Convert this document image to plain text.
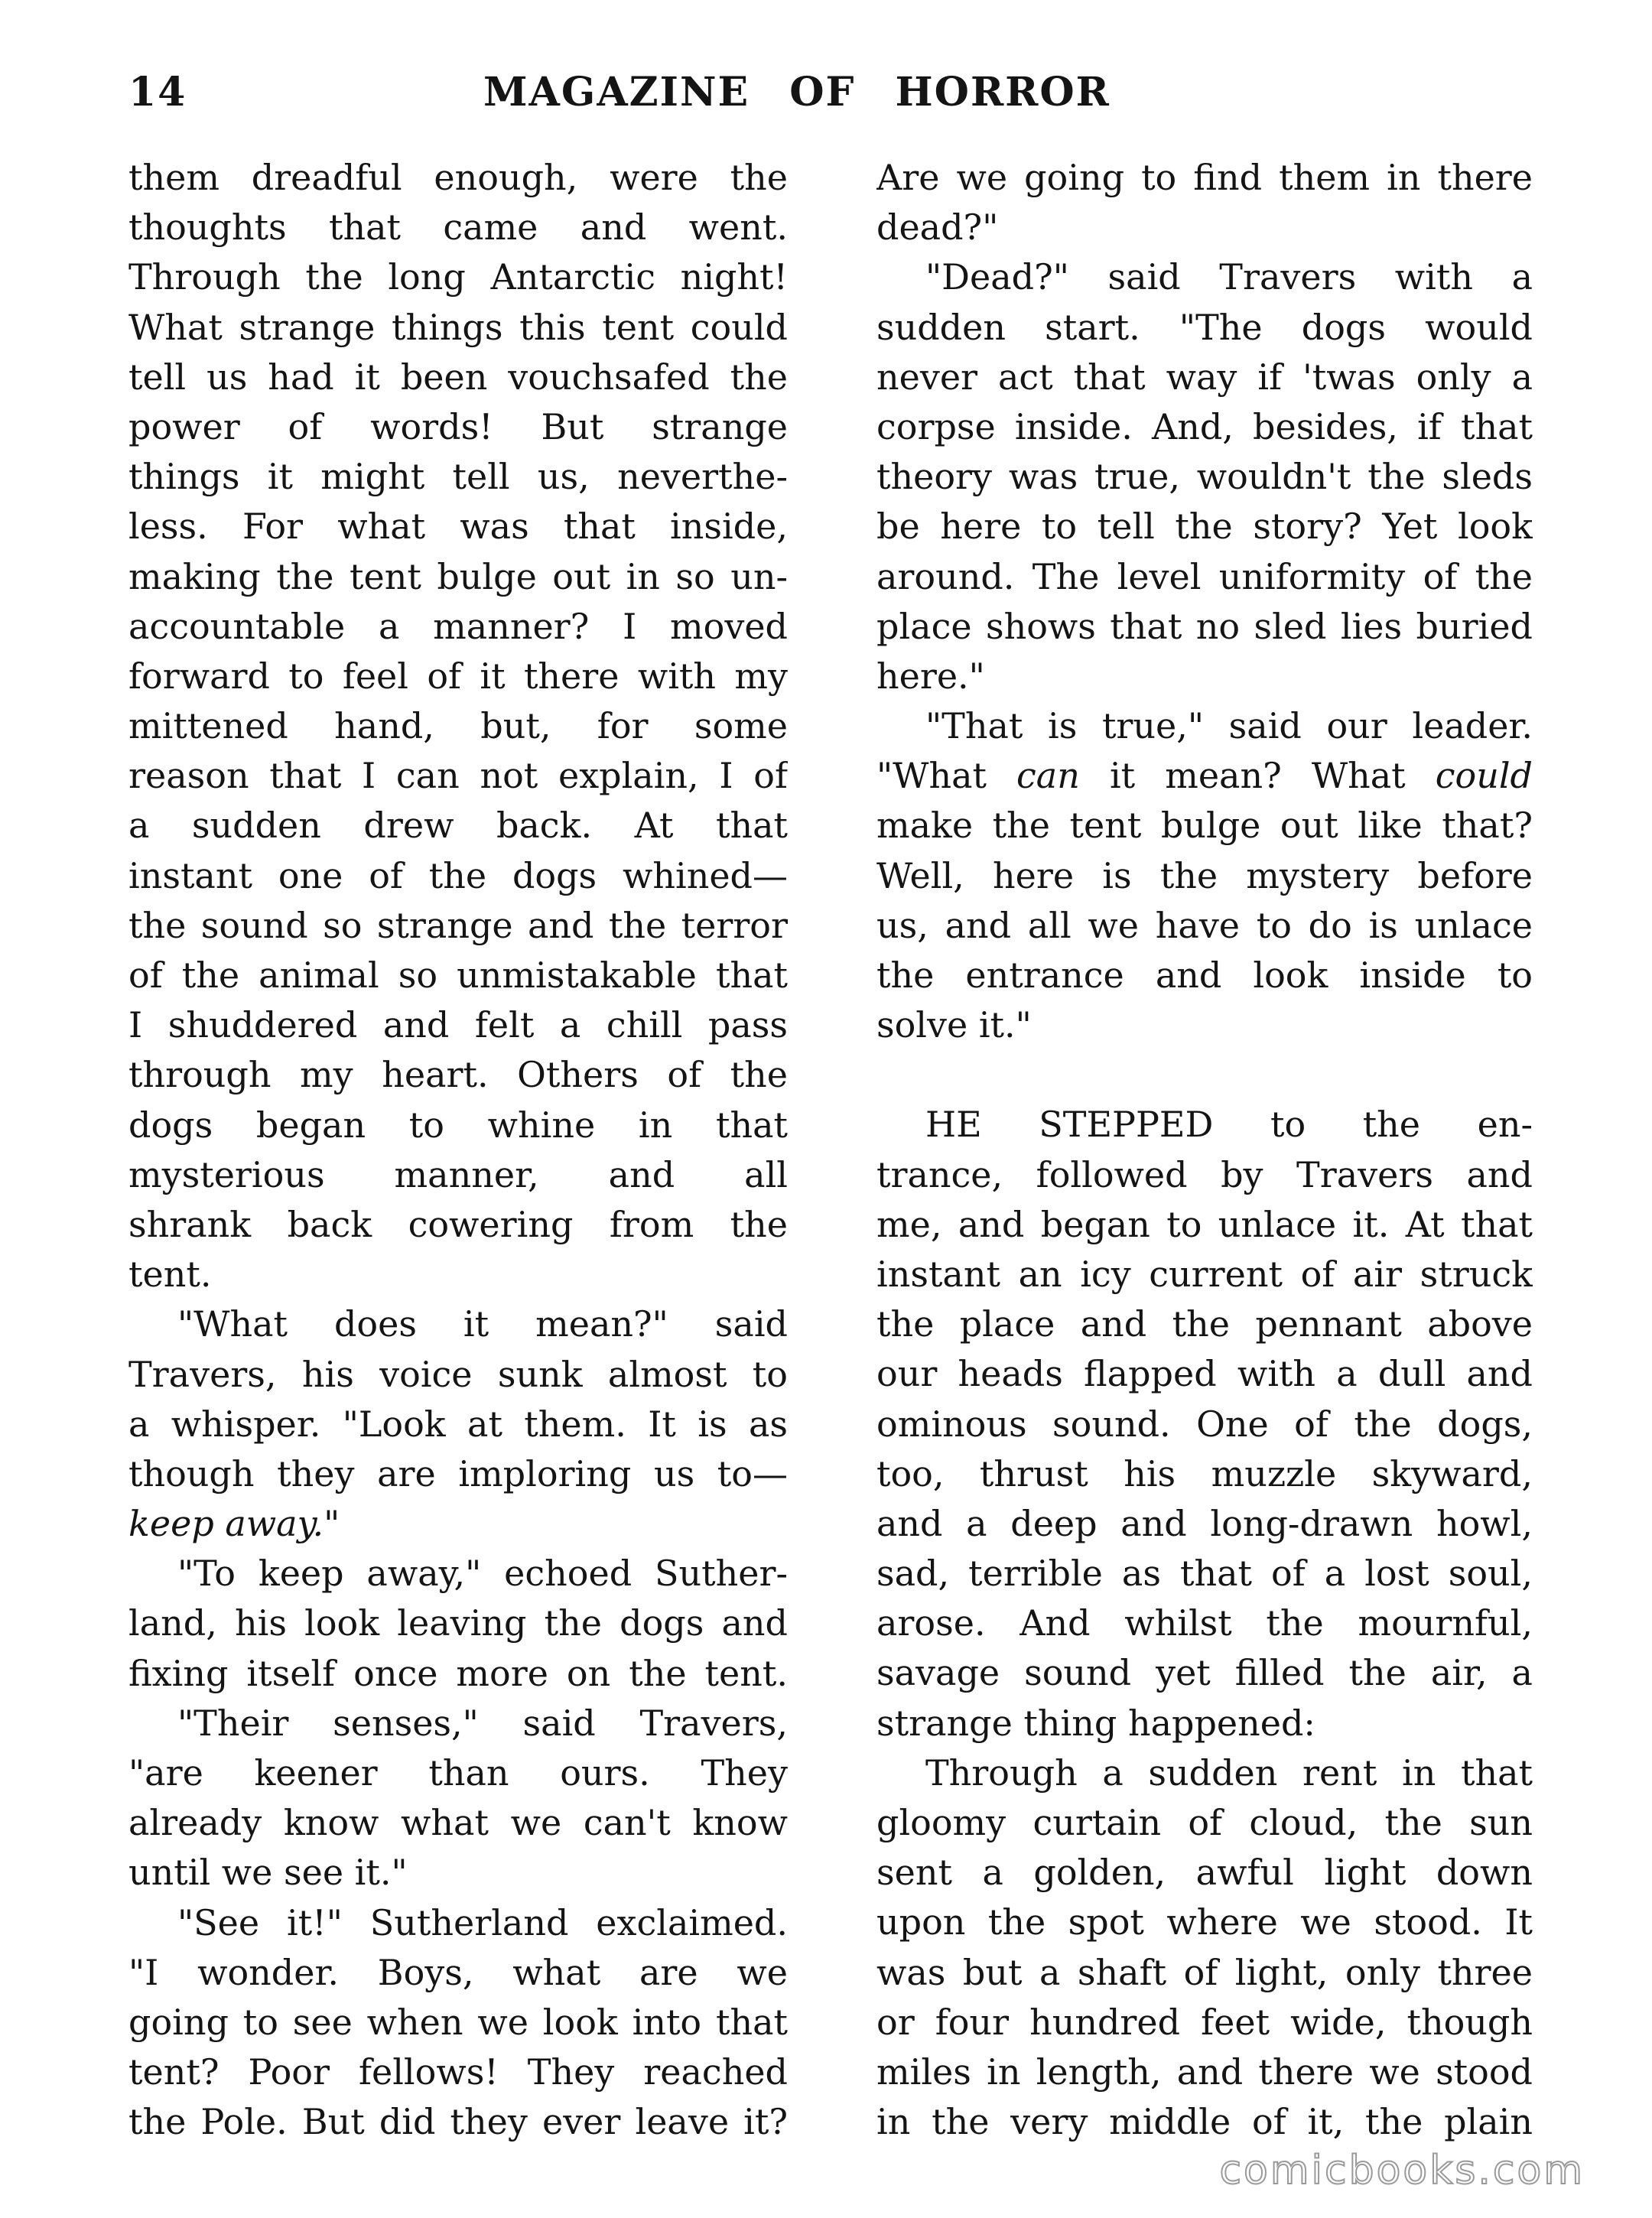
14	MAGAZINE OF HORROR
them dreadful enough, were the
thoughts that came and went.
Through the long Antarctic night!
What strange things this tent could
tell us had it been vouchsafed the
power of words! But strange
things it might tell us, neverthe-
less. For what was that inside,
making the tent bulge out in so un-
accountable a manner? I moved
forward to feel of it there with my
mittened hand, but, for some
reason that I can not explain, I of
a sudden drew back. At that
instant one of the dogs whined—
the sound so strange and the terror
of the animal so unmistakable that
I shuddered and felt a chill pass
through my heart. Others of the
dogs began to whine in that
mysterious manner, and all
shrank back cowering from the
tent.
"What does it mean?" said
Travers, his voice sunk almost to
a whisper. "Look at them. It is as
though they are imploring us to—
keep away."
"To keep away," echoed Suther-
land, his look leaving the dogs and
fixing itself once more on the tent.
"Their senses," said Travers,
"are keener than ours. They
already know what we can't know
until we see it."
"See it!" Sutherland exclaimed.
"I wonder. Boys, what are we
going to see when we look into that
tent? Poor fellows! They reached
the Pole. But did they ever leave it?
Are we going to find them in there
dead?"
"Dead?" said Travers with a
sudden start. "The dogs would
never act that way if 'twas only a
corpse inside. And, besides, if that
theory was true, wouldn't the sleds
be here to tell the story? Yet look
around. The level uniformity of the
place shows that no sled lies buried
here."
"That is true," said our leader.
"What can it mean? What could
make the tent bulge out like that?
Well, here is the mystery before
us, and all we have to do is unlace
the entrance and look inside to
solve it."
HE STEPPED to the en-
trance, followed by Travers and
me, and began to unlace it. At that
instant an icy current of air struck
the place and the pennant above
our heads flapped with a dull and
ominous sound. One of the dogs,
too, thrust his muzzle skyward,
and a deep and long-drawn howl,
sad, terrible as that of a lost soul,
arose. And whilst the mournful,
savage sound yet filled the air, a
strange thing happened:
Through a sudden rent in that
gloomy curtain of cloud, the sun
sent a golden, awful light down
upon the spot where we stood. It
was but a shaft of light, only three
or four hundred feet wide, though
miles in length, and there we stood
in the very middle of it, the plain
comicbooks.com
